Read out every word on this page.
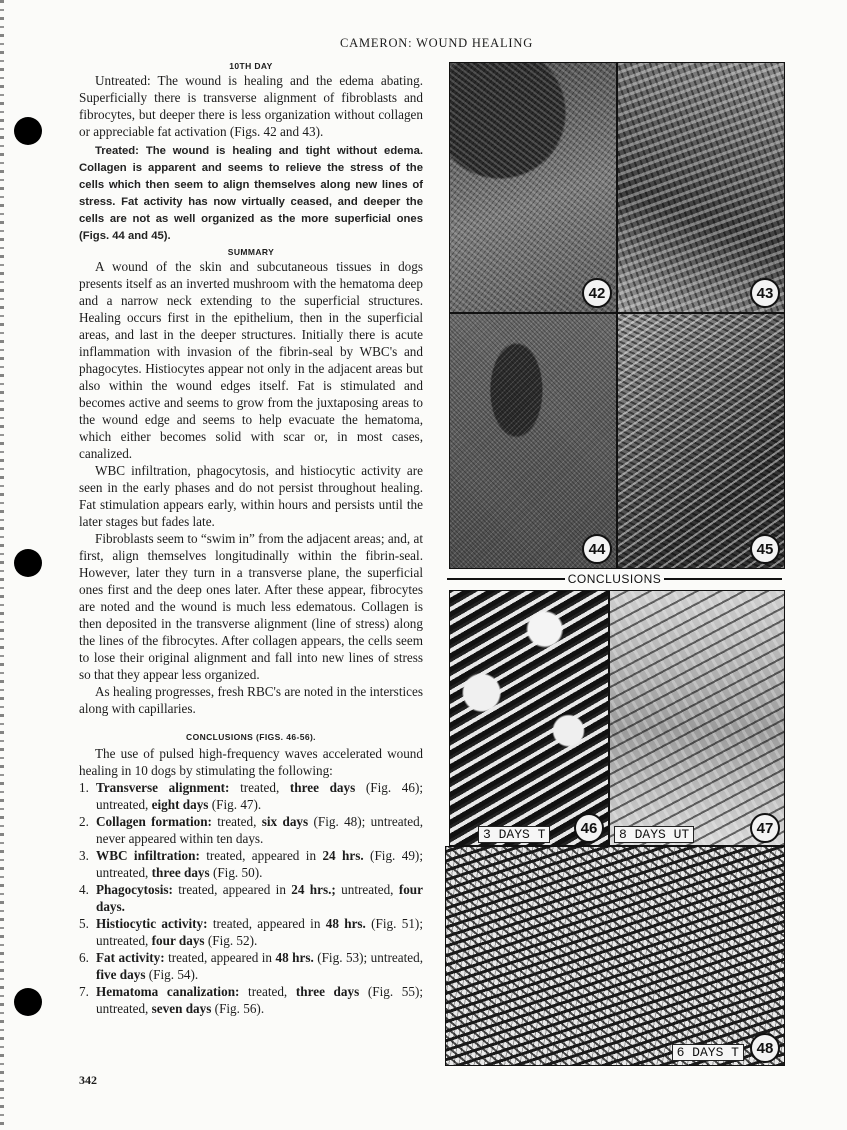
CAMERON: WOUND HEALING
10TH DAY

Untreated: The wound is healing and the edema abating. Superficially there is transverse alignment of fibroblasts and fibrocytes, but deeper there is less organization without collagen or appreciable fat activation (Figs. 42 and 43).

Treated: The wound is healing and tight without edema. Collagen is apparent and seems to relieve the stress of the cells which then seem to align themselves along new lines of stress. Fat activity has now virtually ceased, and deeper the cells are not as well organized as the more superficial ones (Figs. 44 and 45).

SUMMARY

A wound of the skin and subcutaneous tissues in dogs presents itself as an inverted mushroom with the hematoma deep and a narrow neck extending to the superficial structures. Healing occurs first in the epithelium, then in the superficial areas, and last in the deeper structures. Initially there is acute inflammation with invasion of the fibrin-seal by WBC's and phagocytes. Histiocytes appear not only in the adjacent areas but also within the wound edges itself. Fat is stimulated and becomes active and seems to grow from the juxtaposing areas to the wound edge and seems to help evacuate the hematoma, which either becomes solid with scar or, in most cases, canalized.

WBC infiltration, phagocytosis, and histiocytic activity are seen in the early phases and do not persist throughout healing. Fat stimulation appears early, within hours and persists until the later stages but fades late.

Fibroblasts seem to “swim in” from the adjacent areas; and, at first, align themselves longitudinally within the fibrin-seal. However, later they turn in a transverse plane, the superficial ones first and the deep ones later. After these appear, fibrocytes are noted and the wound is much less edematous. Collagen is then deposited in the transverse alignment (line of stress) along the lines of the fibrocytes. After collagen appears, the cells seem to lose their original alignment and fall into new lines of stress so that they appear less organized.

As healing progresses, fresh RBC's are noted in the interstices along with capillaries.

CONCLUSIONS (FIGS. 46-56).

The use of pulsed high-frequency waves accelerated wound healing in 10 dogs by stimulating the following:

1. Transverse alignment: treated, three days (Fig. 46); untreated, eight days (Fig. 47).
2. Collagen formation: treated, six days (Fig. 48); untreated, never appeared within ten days.
3. WBC infiltration: treated, appeared in 24 hrs. (Fig. 49); untreated, three days (Fig. 50).
4. Phagocytosis: treated, appeared in 24 hrs.; untreated, four days.
5. Histiocytic activity: treated, appeared in 48 hrs. (Fig. 51); untreated, four days (Fig. 52).
6. Fat activity: treated, appeared in 48 hrs. (Fig. 53); untreated, five days (Fig. 54).
7. Hematoma canalization: treated, three days (Fig. 55); untreated, seven days (Fig. 56).
42	43
44	45
CONCLUSIONS
3 DAYS T	46	8 DAYS UT	47
6 DAYS T	48
342
